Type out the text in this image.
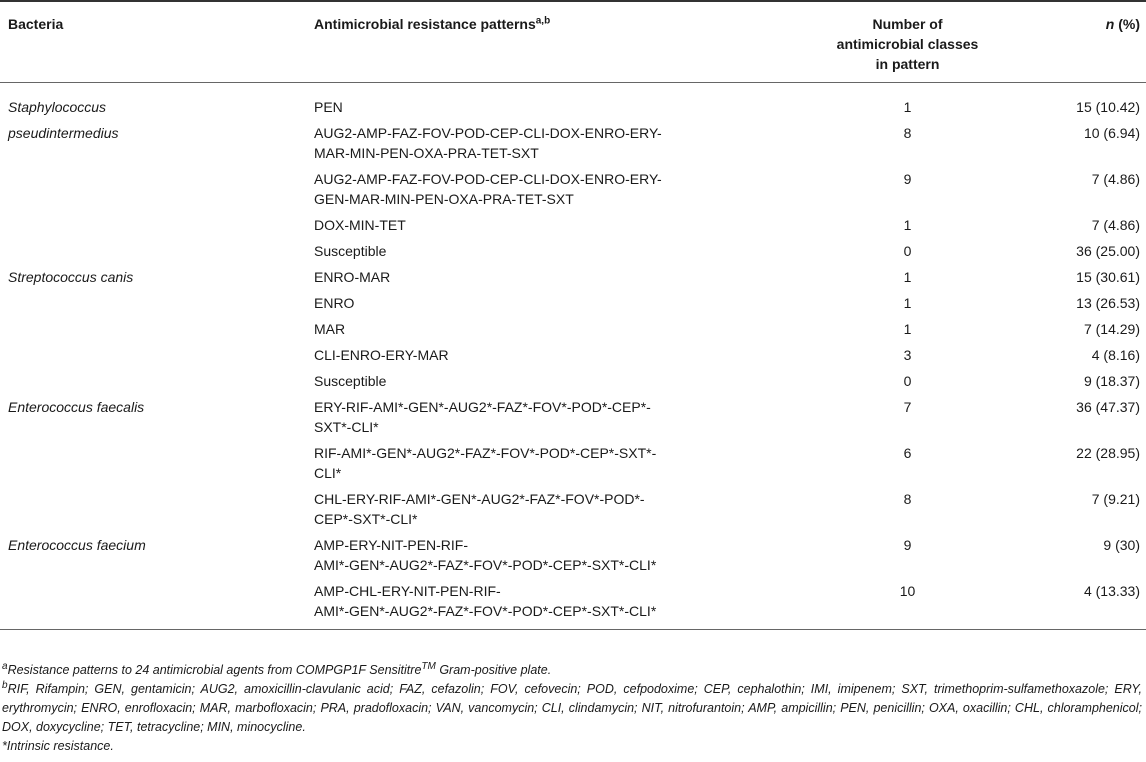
Bacteria	Antimicrobial resistance patterns$^{a,b}$	Number of
antimicrobial classes
in pattern	n (%)
Staphylococcus	PEN	1	15 (10.42)
pseudintermedius	AUG2-AMP-FAZ-FOV-POD-CEP-CLI-DOX-ENRO-ERY-
MAR-MIN-PEN-OXA-PRA-TET-SXT	8	10 (6.94)
	AUG2-AMP-FAZ-FOV-POD-CEP-CLI-DOX-ENRO-ERY-
GEN-MAR-MIN-PEN-OXA-PRA-TET-SXT	9	7 (4.86)
	DOX-MIN-TET	1	7 (4.86)
	Susceptible	0	36 (25.00)
Streptococcus canis	ENRO-MAR	1	15 (30.61)
	ENRO	1	13 (26.53)
	MAR	1	7 (14.29)
	CLI-ENRO-ERY-MAR	3	4 (8.16)
	Susceptible	0	9 (18.37)
Enterococcus faecalis	ERY-RIF-AMI*-GEN*-AUG2*-FAZ*-FOV*-POD*-CEP*-
SXT*-CLI*	7	36 (47.37)
	RIF-AMI*-GEN*-AUG2*-FAZ*-FOV*-POD*-CEP*-SXT*-
CLI*	6	22 (28.95)
	CHL-ERY-RIF-AMI*-GEN*-AUG2*-FAZ*-FOV*-POD*-
CEP*-SXT*-CLI*	8	7 (9.21)
Enterococcus faecium	AMP-ERY-NIT-PEN-RIF-
AMI*-GEN*-AUG2*-FAZ*-FOV*-POD*-CEP*-SXT*-CLI*	9	9 (30)
	AMP-CHL-ERY-NIT-PEN-RIF-
AMI*-GEN*-AUG2*-FAZ*-FOV*-POD*-CEP*-SXT*-CLI*	10	4 (13.33)

$^a$Resistance patterns to 24 antimicrobial agents from COMPGP1F Sensititre™ Gram-positive plate.

$^b$RIF, Rifampin; GEN, gentamicin; AUG2, amoxicillin-clavulanic acid; FAZ, cefazolin; FOV, cefovecin; POD, cefpodoxime; CEP, cephalothin; IMI, imipenem; SXT, trimethoprim-sulfamethoxazole; ERY, erythromycin; ENRO, enrofloxacin; MAR, marbofloxacin; PRA, pradofloxacin; VAN, vancomycin; CLI, clindamycin; NIT, nitrofurantoin; AMP, ampicillin; PEN, penicillin; OXA, oxacillin; CHL, chloramphenicol; DOX, doxycycline; TET, tetracycline; MIN, minocycline.

*Intrinsic resistance.
